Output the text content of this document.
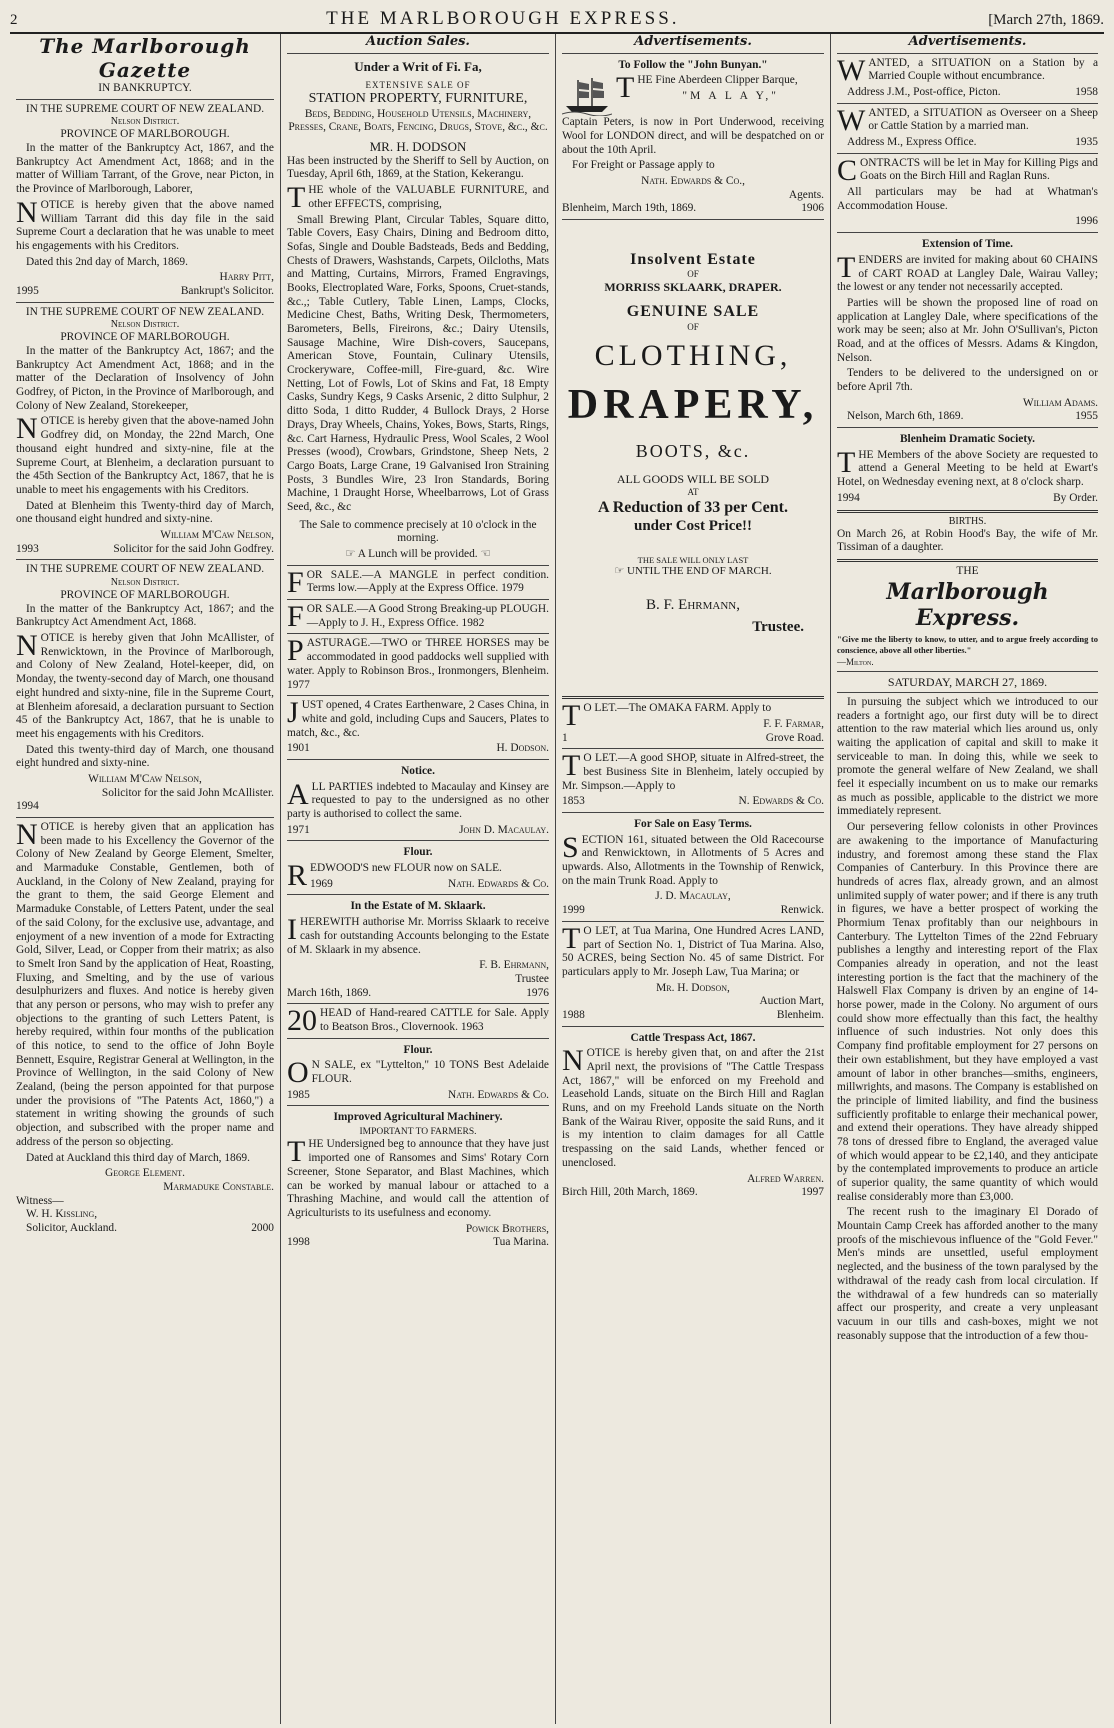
2	THE MARLBOROUGH EXPRESS.	[March 27th, 1869.
The Marlborough Gazette
IN BANKRUPTCY.
IN THE SUPREME COURT OF NEW ZEALAND.
Nelson District.
PROVINCE OF MARLBOROUGH.

In the matter of the Bankruptcy Act, 1867, and the Bankruptcy Act Amendment Act, 1868; and in the matter of William Tarrant, of the Grove, near Picton, in the Province of Marlborough, Laborer,

NOTICE is hereby given that the above named William Tarrant did this day file in the said Supreme Court a declaration that he was unable to meet his engagements with his Creditors.

Dated this 2nd day of March, 1869.

Harry Pitt,
1995	Bankrupt's Solicitor.
IN THE SUPREME COURT OF NEW ZEALAND.
Nelson District.
PROVINCE OF MARLBOROUGH.

In the matter of the Bankruptcy Act, 1867; and the Bankruptcy Act Amendment Act, 1868; and in the matter of the Declaration of Insolvency of John Godfrey, of Picton, in the Province of Marlborough, and Colony of New Zealand, Storekeeper,

NOTICE is hereby given that the above-named John Godfrey did, on Monday, the 22nd March, One thousand eight hundred and sixty-nine, file at the Supreme Court, at Blenheim, a declaration pursuant to the 45th Section of the Bankruptcy Act, 1867, that he is unable to meet his engagements with his Creditors.

Dated at Blenheim this Twenty-third day of March, one thousand eight hundred and sixty-nine.

William M'Caw Nelson,
1993	Solicitor for the said John Godfrey.
IN THE SUPREME COURT OF NEW ZEALAND.
Nelson District.
PROVINCE OF MARLBOROUGH.

In the matter of the Bankruptcy Act, 1867; and the Bankruptcy Act Amendment Act, 1868.

NOTICE is hereby given that John McAllister, of Renwicktown, in the Province of Marlborough, and Colony of New Zealand, Hotel-keeper, did, on Monday, the twenty-second day of March, one thousand eight hundred and sixty-nine, file in the Supreme Court, at Blenheim aforesaid, a declaration pursuant to Section 45 of the Bankruptcy Act, 1867, that he is unable to meet his engagements with his Creditors.

Dated this twenty-third day of March, one thousand eight hundred and sixty-nine.

William M'Caw Nelson,
Solicitor for the said John McAllister.
1994

NOTICE is hereby given that an application has been made to his Excellency the Governor of the Colony of New Zealand by George Element, Smelter, and Marmaduke Constable, Gentlemen, both of Auckland, in the Colony of New Zealand, praying for the grant to them, the said George Element and Marmaduke Constable, of Letters Patent, under the seal of the said Colony, for the exclusive use, advantage, and enjoyment of a new invention of a mode for Extracting Gold, Silver, Lead, or Copper from their matrix; as also to Smelt Iron Sand by the application of Heat, Roasting, Fluxing, and Smelting, and by the use of various desulphurizers and fluxes. And notice is hereby given that any person or persons, who may wish to prefer any objections to the granting of such Letters Patent, is hereby required, within four months of the publication of this notice, to send to the office of John Boyle Bennett, Esquire, Registrar General at Wellington, in the Province of Wellington, in the said Colony of New Zealand, (being the person appointed for that purpose under the provisions of "The Patents Act, 1860,") a statement in writing showing the grounds of such objection, and subscribed with the proper name and address of the person so objecting.

Dated at Auckland this third day of March, 1869.

George Element.
Marmaduke Constable.
Witness—
W. H. Kissling,
Solicitor, Auckland.	2000
Auction Sales.
Under a Writ of Fi. Fa,
EXTENSIVE SALE OF
STATION PROPERTY, FURNITURE,
Beds, Bedding, Household Utensils, Machinery, Presses, Crane, Boats, Fencing, Drugs, Stove, &c., &c.
MR. H. DODSON

Has been instructed by the Sheriff to Sell by Auction, on Tuesday, April 6th, 1869, at the Station, Kekerangu.

THE whole of the VALUABLE FURNITURE, and other EFFECTS, comprising,

Small Brewing Plant, Circular Tables, Square ditto, Table Covers, Easy Chairs, Dining and Bedroom ditto, Sofas, Single and Double Badsteads, Beds and Bedding, Chests of Drawers, Washstands, Carpets, Oilcloths, Mats and Matting, Curtains, Mirrors, Framed Engravings, Books, Electroplated Ware, Forks, Spoons, Cruet-stands, &c.,; Table Cutlery, Table Linen, Lamps, Clocks, Medicine Chest, Baths, Writing Desk, Thermometers, Barometers, Bells, Fireirons, &c.; Dairy Utensils, Sausage Machine, Wire Dish-covers, Saucepans, American Stove, Fountain, Culinary Utensils, Crockeryware, Coffee-mill, Fire-guard, &c. Wire Netting, Lot of Fowls, Lot of Skins and Fat, 18 Empty Casks, Sundry Kegs, 9 Casks Arsenic, 2 ditto Sulphur, 2 ditto Soda, 1 ditto Rudder, 4 Bullock Drays, 2 Horse Drays, Dray Wheels, Chains, Yokes, Bows, Starts, Rings, &c. Cart Harness, Hydraulic Press, Wool Scales, 2 Wool Presses (wood), Crowbars, Grindstone, Sheep Nets, 2 Cargo Boats, Large Crane, 19 Galvanised Iron Straining Posts, 3 Bundles Wire, 23 Iron Standards, Boring Machine, 1 Draught Horse, Wheelbarrows, Lot of Grass Seed, &c., &c

The Sale to commence precisely at 10 o'clock in the morning.

☞ A Lunch will be provided. ☜

FOR SALE.—A MANGLE in perfect condition. Terms low.—Apply at the Express Office. 1979

FOR SALE.—A Good Strong Breaking-up PLOUGH.—Apply to J. H., Express Office. 1982

PASTURAGE.—TWO or THREE HORSES may be accommodated in good paddocks well supplied with water. Apply to Robinson Bros., Ironmongers, Blenheim. 1977

JUST opened, 4 Crates Earthenware, 2 Cases China, in white and gold, including Cups and Saucers, Plates to match, &c., &c.

1901	H. Dodson.
Notice.

ALL PARTIES indebted to Macaulay and Kinsey are requested to pay to the undersigned as no other party is authorised to collect the same.

1971	John D. Macaulay.
Flour.

REDWOOD'S new FLOUR now on SALE.

1969	Nath. Edwards & Co.
In the Estate of M. Sklaark.

IHEREWITH authorise Mr. Morriss Sklaark to receive cash for outstanding Accounts belonging to the Estate of M. Sklaark in my absence.

F. B. Ehrmann,
Trustee
March 16th, 1869.	1976

20 HEAD of Hand-reared CATTLE for Sale. Apply to Beatson Bros., Clovernook. 1963

Flour.

O N SALE, ex "Lyttelton," 10 TONS Best Adelaide FLOUR.

1985	Nath. Edwards & Co.
Improved Agricultural Machinery.
IMPORTANT TO FARMERS.

THE Undersigned beg to announce that they have just imported one of Ransomes and Sims' Rotary Corn Screener, Stone Separator, and Blast Machines, which can be worked by manual labour or attached to a Thrashing Machine, and would call the attention of Agriculturists to its usefulness and economy.

Powick Brothers,
1998	Tua Marina.
Advertisements.
To Follow the "John Bunyan."

THE Fine Aberdeen Clipper Barque,

"M A L A Y,"

Captain Peters, is now in Port Underwood, receiving Wool for LONDON direct, and will be despatched on or about the 10th April.

For Freight or Passage apply to

Nath. Edwards & Co.,
Agents.
Blenheim, March 19th, 1869.	1906
Insolvent Estate
OF
MORRISS SKLAARK, DRAPER.
GENUINE SALE
OF
CLOTHING,
DRAPERY,
BOOTS, &c.
ALL GOODS WILL BE SOLD
AT
A Reduction of 33 per Cent.
under Cost Price!!
THE SALE WILL ONLY LAST
☞ UNTIL THE END OF MARCH.
B. F. Ehrmann,
Trustee.

T O LET.—The OMAKA FARM. Apply to

F. F. Farmar,
1	Grove Road.

T O LET.—A good SHOP, situate in Alfred-street, the best Business Site in Blenheim, lately occupied by Mr. Simpson.—Apply to

1853	N. Edwards & Co.
For Sale on Easy Terms.

SECTION 161, situated between the Old Racecourse and Renwicktown, in Allotments of 5 Acres and upwards. Also, Allotments in the Township of Renwick, on the main Trunk Road. Apply to

J. D. Macaulay,
1999	Renwick.

T O LET, at Tua Marina, One Hundred Acres LAND, part of Section No. 1, District of Tua Marina. Also, 50 ACRES, being Section No. 45 of same District. For particulars apply to Mr. Joseph Law, Tua Marina; or

Mr. H. Dodson,
Auction Mart,
1988	Blenheim.
Cattle Trespass Act, 1867.

NOTICE is hereby given that, on and after the 21st April next, the provisions of "The Cattle Trespass Act, 1867," will be enforced on my Freehold and Leasehold Lands, situate on the Birch Hill and Raglan Runs, and on my Freehold Lands situate on the North Bank of the Wairau River, opposite the said Runs, and it is my intention to claim damages for all Cattle trespassing on the said Lands, whether fenced or unenclosed.

Alfred Warren.
Birch Hill, 20th March, 1869.	1997
Advertisements.

WANTED, a SITUATION on a Station by a Married Couple without encumbrance.

Address J.M., Post-office, Picton.	1958

WANTED, a SITUATION as Overseer on a Sheep or Cattle Station by a married man.

Address M., Express Office.	1935

CONTRACTS will be let in May for Killing Pigs and Goats on the Birch Hill and Raglan Runs.

All particulars may be had at Whatman's Accommodation House.

1996
Extension of Time.

TENDERS are invited for making about 60 CHAINS of CART ROAD at Langley Dale, Wairau Valley; the lowest or any tender not necessarily accepted.

Parties will be shown the proposed line of road on application at Langley Dale, where specifications of the work may be seen; also at Mr. John O'Sullivan's, Picton Road, and at the offices of Messrs. Adams & Kingdon, Nelson.

Tenders to be delivered to the undersigned on or before April 7th.

William Adams.
Nelson, March 6th, 1869.	1955
Blenheim Dramatic Society.

THE Members of the above Society are requested to attend a General Meeting to be held at Ewart's Hotel, on Wednesday evening next, at 8 o'clock sharp.

1994	By Order.
BIRTHS.

On March 26, at Robin Hood's Bay, the wife of Mr. Tissiman of a daughter.

THE
Marlborough Express.

"Give me the liberty to know, to utter, and to argue freely according to conscience, above all other liberties."

—Milton.
SATURDAY, MARCH 27, 1869.

In pursuing the subject which we introduced to our readers a fortnight ago, our first duty will be to direct attention to the raw material which lies around us, only waiting the application of capital and skill to make it serviceable to man. In doing this, while we seek to promote the general welfare of New Zealand, we shall feel it especially incumbent on us to make our remarks as much as possible, applicable to the district we more immediately represent.

Our persevering fellow colonists in other Provinces are awakening to the importance of Manufacturing industry, and foremost among these stand the Flax Companies of Canterbury. In this Province there are hundreds of acres flax, already grown, and an almost unlimited supply of water power; and if there is any truth in figures, we have a better prospect of working the Phormium Tenax profitably than our neighbours in Canterbury. The Lyttelton Times of the 22nd February publishes a lengthy and interesting report of the Flax Companies already in operation, and not the least interesting portion is the fact that the machinery of the Halswell Flax Company is driven by an engine of 14-horse power, made in the Colony. No argument of ours could show more effectually than this fact, the healthy influence of such industries. Not only does this Company find profitable employment for 27 persons on their own establishment, but they have employed a vast amount of labor in other branches—smiths, engineers, millwrights, and masons. The Company is established on the principle of limited liability, and find the business sufficiently profitable to enlarge their mechanical power, and extend their operations. They have already shipped 78 tons of dressed fibre to England, the averaged value of which would appear to be £2,140, and they anticipate by the contemplated improvements to produce an article of superior quality, the same quantity of which would realise considerably more than £3,000.

The recent rush to the imaginary El Dorado of Mountain Camp Creek has afforded another to the many proofs of the mischievous influence of the "Gold Fever." Men's minds are unsettled, useful employment neglected, and the business of the town paralysed by the withdrawal of the ready cash from local circulation. If the withdrawal of a few hundreds can so materially affect our prosperity, and create a very unpleasant vacuum in our tills and cash-boxes, might we not reasonably suppose that the introduction of a few thou-
